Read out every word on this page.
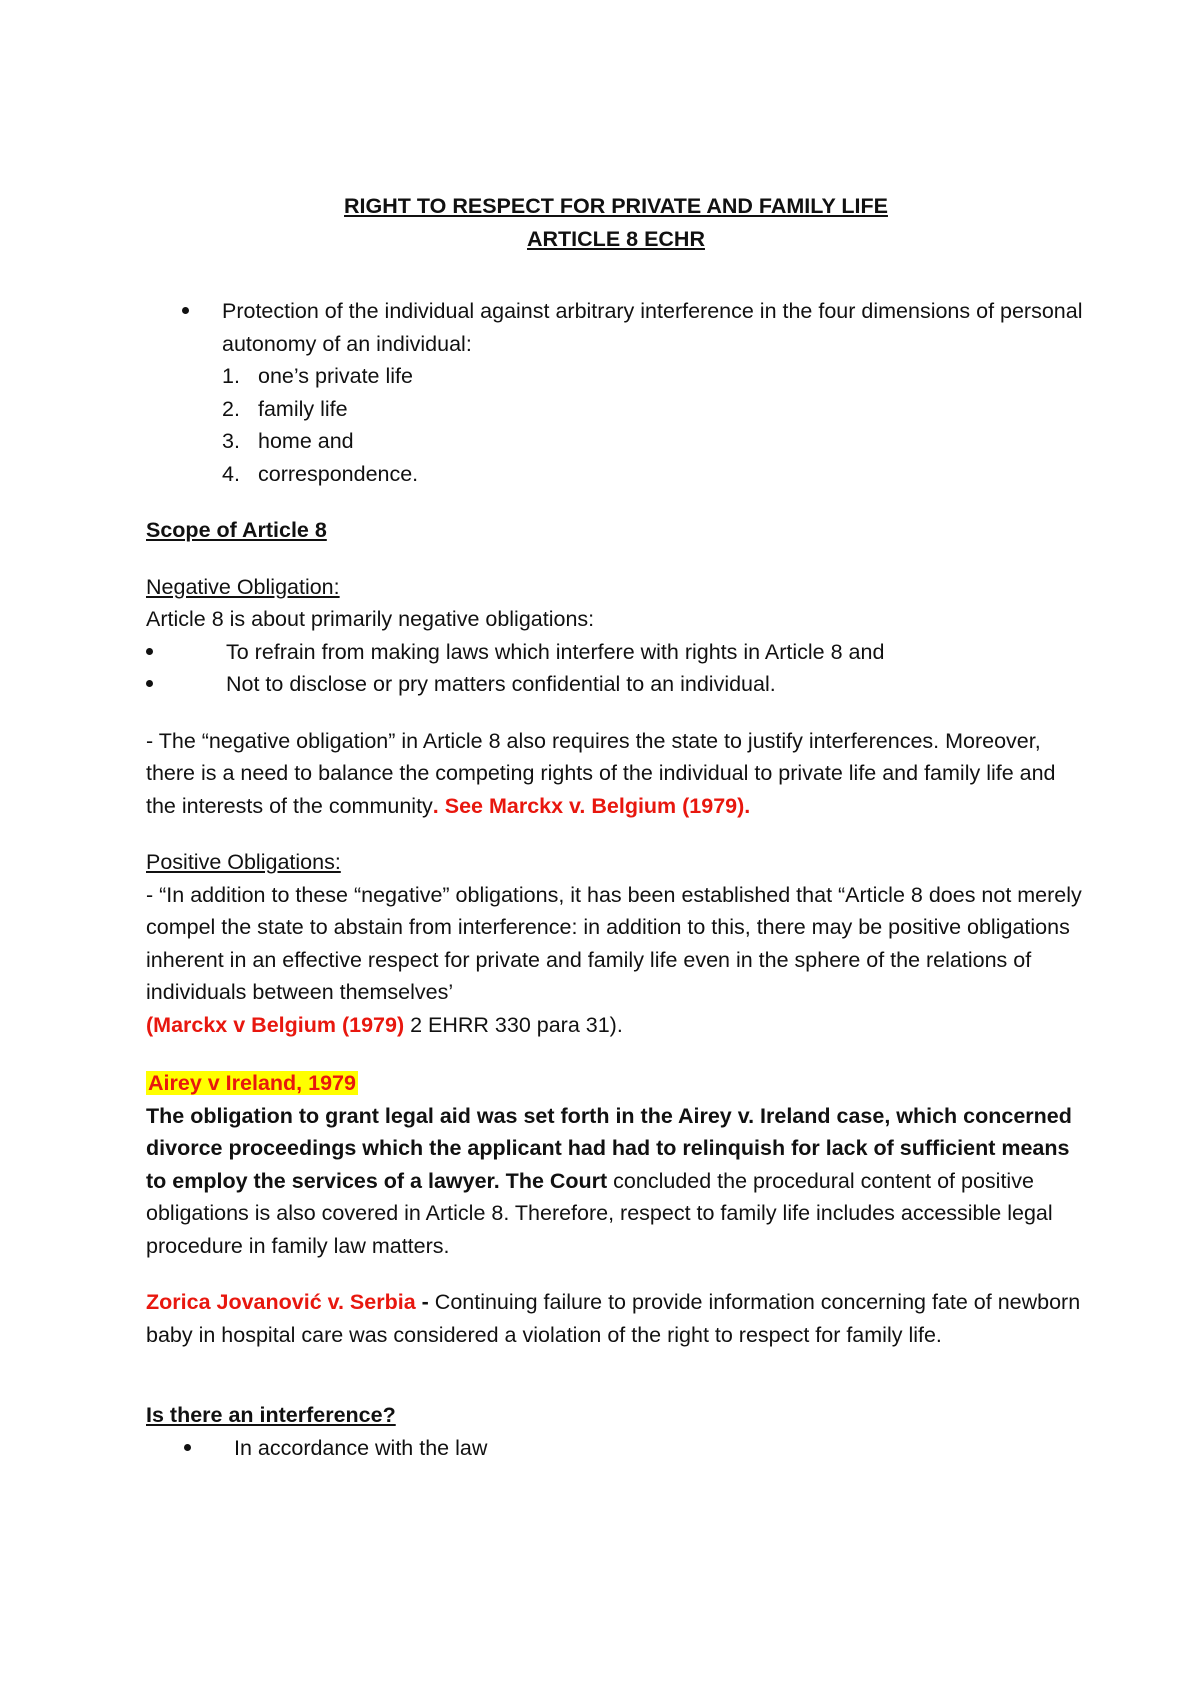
RIGHT TO RESPECT FOR PRIVATE AND FAMILY LIFE

ARTICLE 8 ECHR

Protection of the individual against arbitrary interference in the four dimensions of personal autonomy of an individual:
1. one’s private life
2. family life
3. home and
4. correspondence.

Scope of Article 8

Negative Obligation:

Article 8 is about primarily negative obligations:

To refrain from making laws which interfere with rights in Article 8 and
Not to disclose or pry matters confidential to an individual.

- The “negative obligation” in Article 8 also requires the state to justify interferences. Moreover, there is a need to balance the competing rights of the individual to private life and family life and the interests of the community. See Marckx v. Belgium (1979).

Positive Obligations:

- “In addition to these “negative” obligations, it has been established that “Article 8 does not merely compel the state to abstain from interference: in addition to this, there may be positive obligations inherent in an effective respect for private and family life even in the sphere of the relations of individuals between themselves’
(Marckx v Belgium (1979) 2 EHRR 330 para 31).

Airey v Ireland, 1979

The obligation to grant legal aid was set forth in the Airey v. Ireland case, which concerned divorce proceedings which the applicant had had to relinquish for lack of sufficient means to employ the services of a lawyer. The Court concluded the procedural content of positive obligations is also covered in Article 8. Therefore, respect to family life includes accessible legal procedure in family law matters.

Zorica Jovanović v. Serbia - Continuing failure to provide information concerning fate of newborn baby in hospital care was considered a violation of the right to respect for family life.

Is there an interference?

In accordance with the law
